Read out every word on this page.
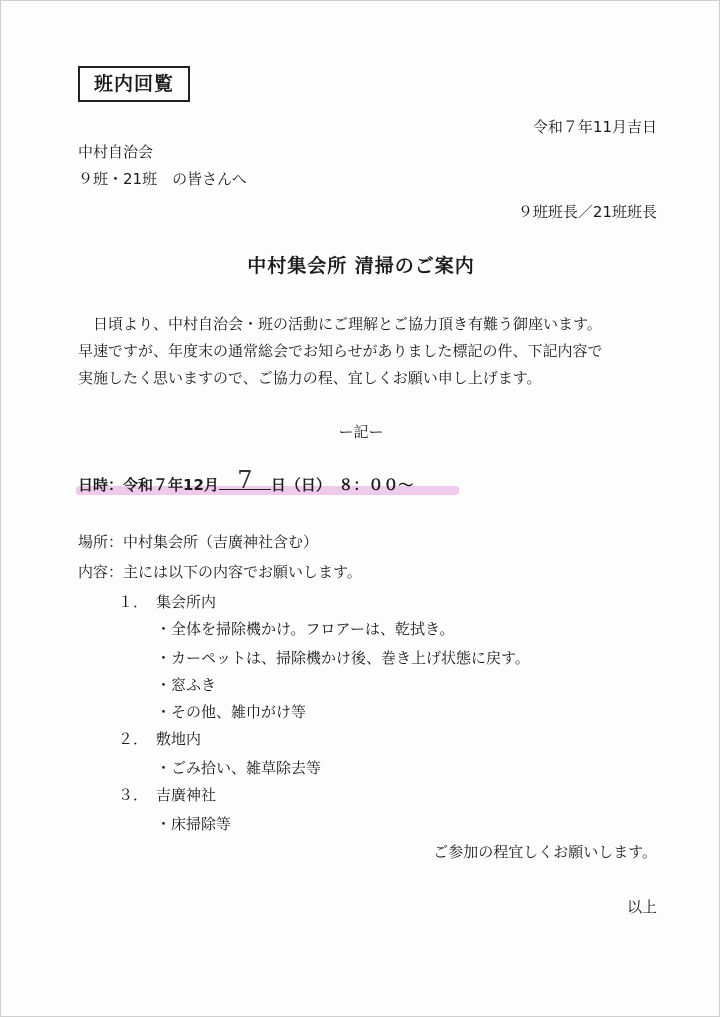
班内回覧
令和７年11月吉日
中村自治会
９班・21班　の皆さんへ
９班班長／21班班長
中村集会所 清掃のご案内

日頃より、中村自治会・班の活動にご理解とご協力頂き有難う御座います。

早速ですが、年度末の通常総会でお知らせがありました標記の件、下記内容で

実施したく思いますので、ご協力の程、宜しくお願い申し上げます。

ー記ー
日時：令和７年12月 7 日（日）　８：００～
場所：中村集会所（吉廣神社含む）
内容：主には以下の内容でお願いします。
１． 集会所内
・全体を掃除機かけ。フロアーは、乾拭き。
・カーペットは、掃除機かけ後、巻き上げ状態に戻す。
・窓ふき
・その他、雑巾がけ等
２． 敷地内
・ごみ拾い、雑草除去等
３． 吉廣神社
・床掃除等
ご参加の程宜しくお願いします。
以上
